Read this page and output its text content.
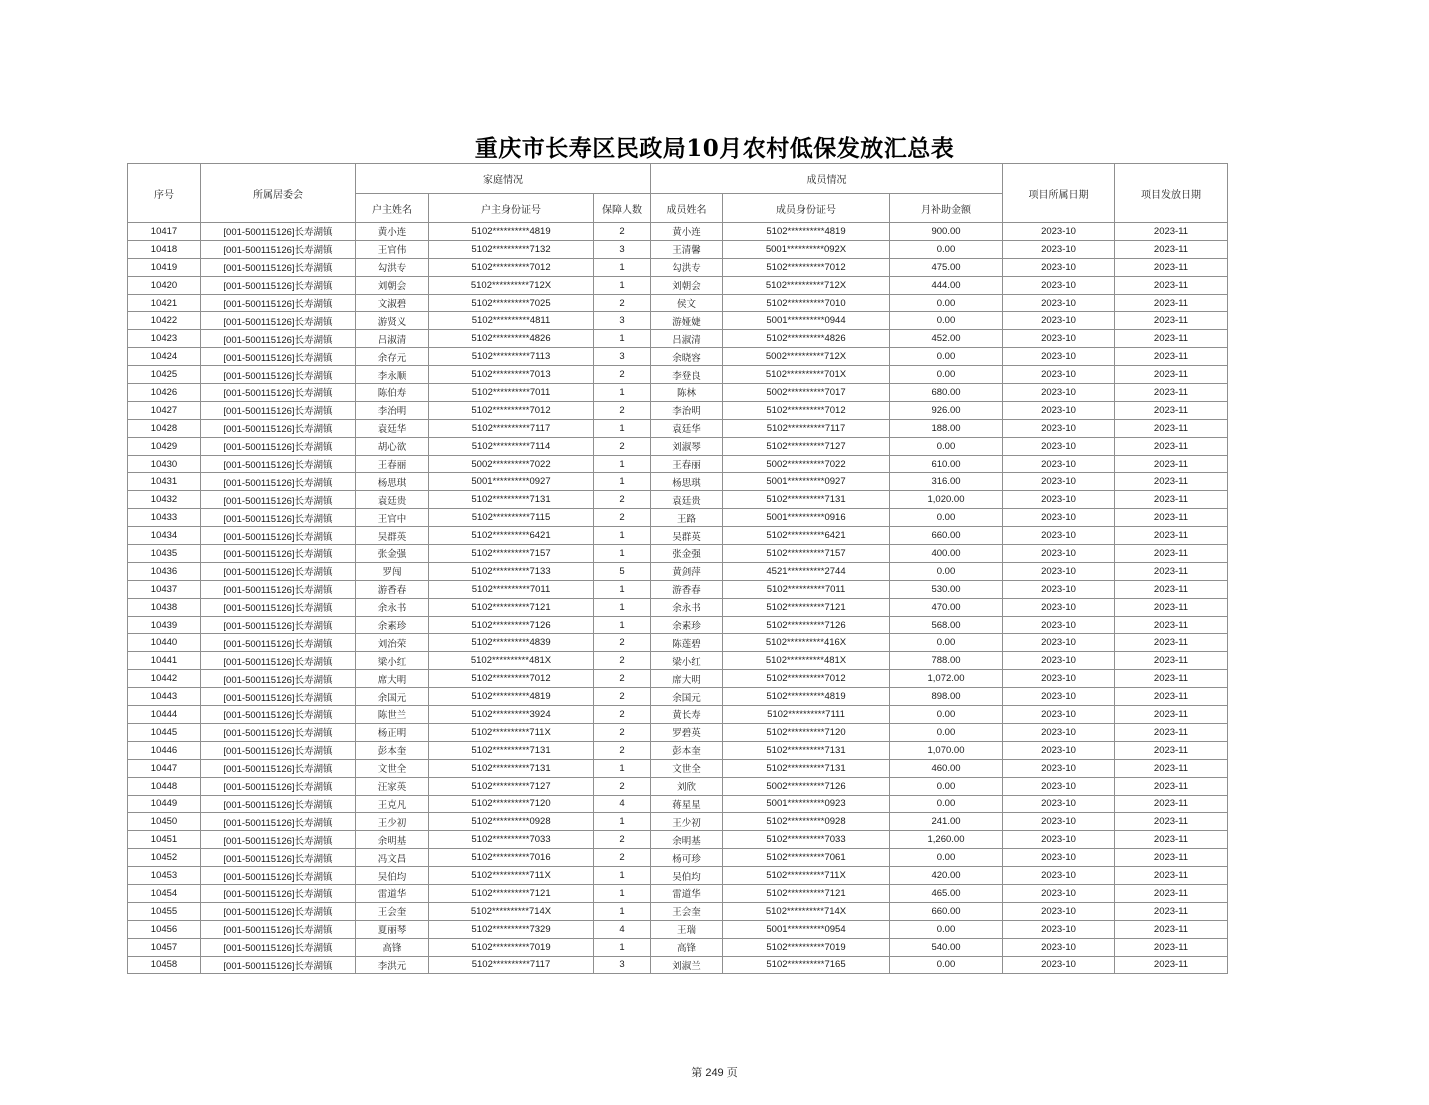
重庆市长寿区民政局10月农村低保发放汇总表
序号	所属居委会	家庭情况			成员情况			项目所属日期	项目发放日期
		户主姓名	户主身份证号	保障人数	成员姓名	成员身份证号	月补助金额		
10417	[001-500115126]长寿湖镇	黄小连	5102**********4819	2	黄小连	5102**********4819	900.00	2023-10	2023-11
10418	[001-500115126]长寿湖镇	王官伟	5102**********7132	3	王清馨	5001**********092X	0.00	2023-10	2023-11
10419	[001-500115126]长寿湖镇	勾洪专	5102**********7012	1	勾洪专	5102**********7012	475.00	2023-10	2023-11
10420	[001-500115126]长寿湖镇	刘朝会	5102**********712X	1	刘朝会	5102**********712X	444.00	2023-10	2023-11
10421	[001-500115126]长寿湖镇	文淑碧	5102**********7025	2	侯文	5102**********7010	0.00	2023-10	2023-11
10422	[001-500115126]长寿湖镇	游贤义	5102**********4811	3	游娅婕	5001**********0944	0.00	2023-10	2023-11
10423	[001-500115126]长寿湖镇	吕淑清	5102**********4826	1	吕淑清	5102**********4826	452.00	2023-10	2023-11
10424	[001-500115126]长寿湖镇	余存元	5102**********7113	3	余晓容	5002**********712X	0.00	2023-10	2023-11
10425	[001-500115126]长寿湖镇	李永顺	5102**********7013	2	李登良	5102**********701X	0.00	2023-10	2023-11
10426	[001-500115126]长寿湖镇	陈伯寿	5102**********7011	1	陈林	5002**********7017	680.00	2023-10	2023-11
10427	[001-500115126]长寿湖镇	李治明	5102**********7012	2	李治明	5102**********7012	926.00	2023-10	2023-11
10428	[001-500115126]长寿湖镇	袁廷华	5102**********7117	1	袁廷华	5102**********7117	188.00	2023-10	2023-11
10429	[001-500115126]长寿湖镇	胡心欲	5102**********7114	2	刘淑琴	5102**********7127	0.00	2023-10	2023-11
10430	[001-500115126]长寿湖镇	王春丽	5002**********7022	1	王春丽	5002**********7022	610.00	2023-10	2023-11
10431	[001-500115126]长寿湖镇	杨思琪	5001**********0927	1	杨思琪	5001**********0927	316.00	2023-10	2023-11
10432	[001-500115126]长寿湖镇	袁廷贵	5102**********7131	2	袁廷贵	5102**********7131	1,020.00	2023-10	2023-11
10433	[001-500115126]长寿湖镇	王官中	5102**********7115	2	王路	5001**********0916	0.00	2023-10	2023-11
10434	[001-500115126]长寿湖镇	吴群英	5102**********6421	1	吴群英	5102**********6421	660.00	2023-10	2023-11
10435	[001-500115126]长寿湖镇	张金强	5102**********7157	1	张金强	5102**********7157	400.00	2023-10	2023-11
10436	[001-500115126]长寿湖镇	罗闯	5102**********7133	5	黄剑萍	4521**********2744	0.00	2023-10	2023-11
10437	[001-500115126]长寿湖镇	游香春	5102**********7011	1	游香春	5102**********7011	530.00	2023-10	2023-11
10438	[001-500115126]长寿湖镇	余永书	5102**********7121	1	余永书	5102**********7121	470.00	2023-10	2023-11
10439	[001-500115126]长寿湖镇	余素珍	5102**********7126	1	余素珍	5102**********7126	568.00	2023-10	2023-11
10440	[001-500115126]长寿湖镇	刘治荣	5102**********4839	2	陈莲碧	5102**********416X	0.00	2023-10	2023-11
10441	[001-500115126]长寿湖镇	梁小红	5102**********481X	2	梁小红	5102**********481X	788.00	2023-10	2023-11
10442	[001-500115126]长寿湖镇	席大明	5102**********7012	2	席大明	5102**********7012	1,072.00	2023-10	2023-11
10443	[001-500115126]长寿湖镇	余国元	5102**********4819	2	余国元	5102**********4819	898.00	2023-10	2023-11
10444	[001-500115126]长寿湖镇	陈世兰	5102**********3924	2	黄长寿	5102**********7111	0.00	2023-10	2023-11
10445	[001-500115126]长寿湖镇	杨正明	5102**********711X	2	罗碧英	5102**********7120	0.00	2023-10	2023-11
10446	[001-500115126]长寿湖镇	彭本奎	5102**********7131	2	彭本奎	5102**********7131	1,070.00	2023-10	2023-11
10447	[001-500115126]长寿湖镇	文世全	5102**********7131	1	文世全	5102**********7131	460.00	2023-10	2023-11
10448	[001-500115126]长寿湖镇	汪家英	5102**********7127	2	刘欣	5002**********7126	0.00	2023-10	2023-11
10449	[001-500115126]长寿湖镇	王克凡	5102**********7120	4	蒋星星	5001**********0923	0.00	2023-10	2023-11
10450	[001-500115126]长寿湖镇	王少初	5102**********0928	1	王少初	5102**********0928	241.00	2023-10	2023-11
10451	[001-500115126]长寿湖镇	余明基	5102**********7033	2	余明基	5102**********7033	1,260.00	2023-10	2023-11
10452	[001-500115126]长寿湖镇	冯文昌	5102**********7016	2	杨可珍	5102**********7061	0.00	2023-10	2023-11
10453	[001-500115126]长寿湖镇	吴伯均	5102**********711X	1	吴伯均	5102**********711X	420.00	2023-10	2023-11
10454	[001-500115126]长寿湖镇	雷道华	5102**********7121	1	雷道华	5102**********7121	465.00	2023-10	2023-11
10455	[001-500115126]长寿湖镇	王会奎	5102**********714X	1	王会奎	5102**********714X	660.00	2023-10	2023-11
10456	[001-500115126]长寿湖镇	夏丽琴	5102**********7329	4	王瑞	5001**********0954	0.00	2023-10	2023-11
10457	[001-500115126]长寿湖镇	高锋	5102**********7019	1	高锋	5102**********7019	540.00	2023-10	2023-11
10458	[001-500115126]长寿湖镇	李洪元	5102**********7117	3	刘淑兰	5102**********7165	0.00	2023-10	2023-11
第 249 页
